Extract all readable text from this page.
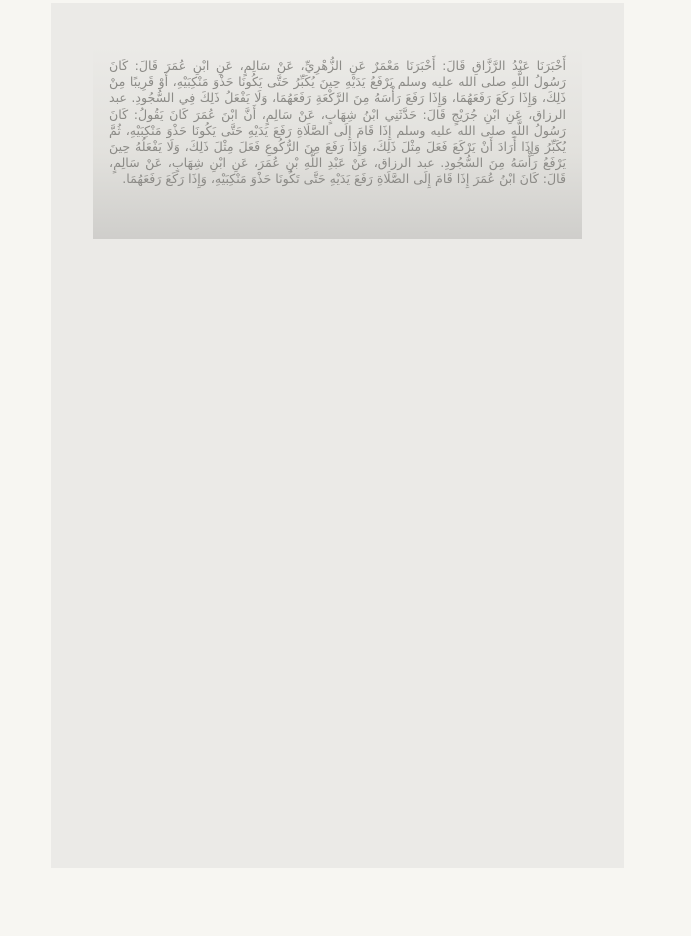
أَخْبَرَنَا عَبْدُ الرَّزَّاقِ قَالَ: أَخْبَرَنَا مَعْمَرٌ عَنِ الزُّهْرِيِّ، عَنْ سَالِمٍ، عَنِ ابْنِ عُمَرَ قَالَ: كَانَ رَسُولُ اللَّهِ صلى الله عليه وسلم يَرْفَعُ يَدَيْهِ حِينَ يُكَبِّرُ حَتَّى يَكُونَا حَذْوَ مَنْكِبَيْهِ، أَوْ قَرِيبًا مِنْ ذَلِكَ، وَإِذَا رَكَعَ رَفَعَهُمَا، وَإِذَا رَفَعَ رَأْسَهُ مِنَ الرَّكْعَةِ رَفَعَهُمَا، وَلَا يَفْعَلُ ذَلِكَ فِي السُّجُودِ. عبد الرزاق، عَنِ ابْنِ جُرَيْجٍ قَالَ: حَدَّثَنِي ابْنُ شِهَابٍ، عَنْ سَالِمٍ، أَنَّ ابْنَ عُمَرَ كَانَ يَقُولُ: كَانَ رَسُولُ اللَّهِ صلى الله عليه وسلم إِذَا قَامَ إِلَى الصَّلَاةِ رَفَعَ يَدَيْهِ حَتَّى يَكُونَا حَذْوَ مَنْكِبَيْهِ، ثُمَّ يُكَبِّرُ وَإِذَا أَرَادَ أَنْ يَرْكَعَ فَعَلَ مِثْلَ ذَلِكَ، وَإِذَا رَفَعَ مِنَ الرُّكُوعِ فَعَلَ مِثْلَ ذَلِكَ، وَلَا يَفْعَلُهُ حِينَ يَرْفَعُ رَأْسَهُ مِنَ السُّجُودِ. عبد الرزاق، عَنْ عَبْدِ اللَّهِ بْنِ عُمَرَ، عَنِ ابْنِ شِهَابٍ، عَنْ سَالِمٍ، قَالَ: كَانَ ابْنُ عُمَرَ إِذَا قَامَ إِلَى الصَّلَاةِ رَفَعَ يَدَيْهِ حَتَّى تَكُونَا حَذْوَ مَنْكِبَيْهِ، وَإِذَا رَكَعَ رَفَعَهُمَا.
